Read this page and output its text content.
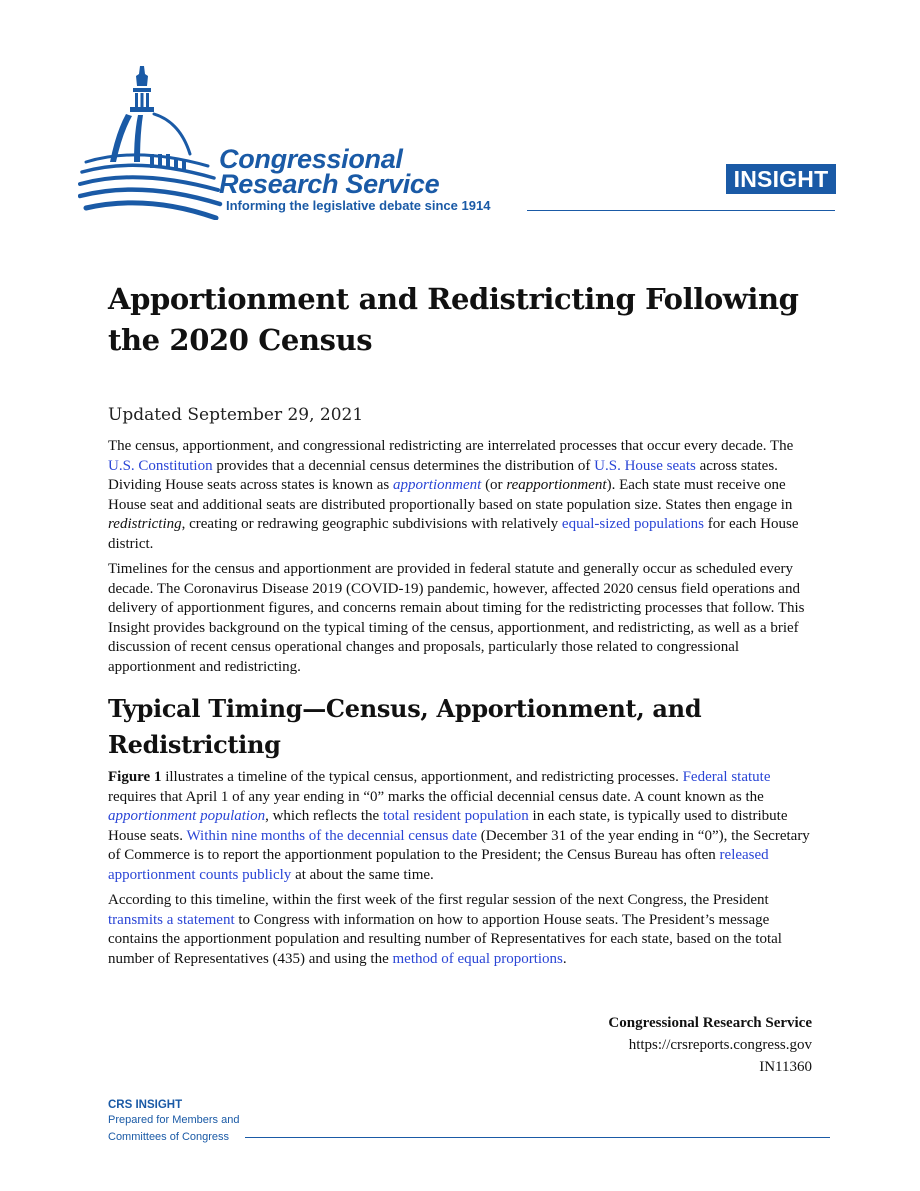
Congressional
Research Service
Informing the legislative debate since 1914
INSIGHT
Apportionment and Redistricting Following the 2020 Census
Updated September 29, 2021

The census, apportionment, and congressional redistricting are interrelated processes that occur every decade. The U.S. Constitution provides that a decennial census determines the distribution of U.S. House seats across states. Dividing House seats across states is known as apportionment (or reapportionment). Each state must receive one House seat and additional seats are distributed proportionally based on state population size. States then engage in redistricting, creating or redrawing geographic subdivisions with relatively equal-sized populations for each House district.

Timelines for the census and apportionment are provided in federal statute and generally occur as scheduled every decade. The Coronavirus Disease 2019 (COVID-19) pandemic, however, affected 2020 census field operations and delivery of apportionment figures, and concerns remain about timing for the redistricting processes that follow. This Insight provides background on the typical timing of the census, apportionment, and redistricting, as well as a brief discussion of recent census operational changes and proposals, particularly those related to congressional apportionment and redistricting.

Typical Timing—Census, Apportionment, and Redistricting

Figure 1 illustrates a timeline of the typical census, apportionment, and redistricting processes. Federal statute requires that April 1 of any year ending in “0” marks the official decennial census date. A count known as the apportionment population, which reflects the total resident population in each state, is typically used to distribute House seats. Within nine months of the decennial census date (December 31 of the year ending in “0”), the Secretary of Commerce is to report the apportionment population to the President; the Census Bureau has often released apportionment counts publicly at about the same time.

According to this timeline, within the first week of the first regular session of the next Congress, the President transmits a statement to Congress with information on how to apportion House seats. The President’s message contains the apportionment population and resulting number of Representatives for each state, based on the total number of Representatives (435) and using the method of equal proportions.

Congressional Research Service
https://crsreports.congress.gov
IN11360
CRS INSIGHT
Prepared for Members and
Committees of Congress
